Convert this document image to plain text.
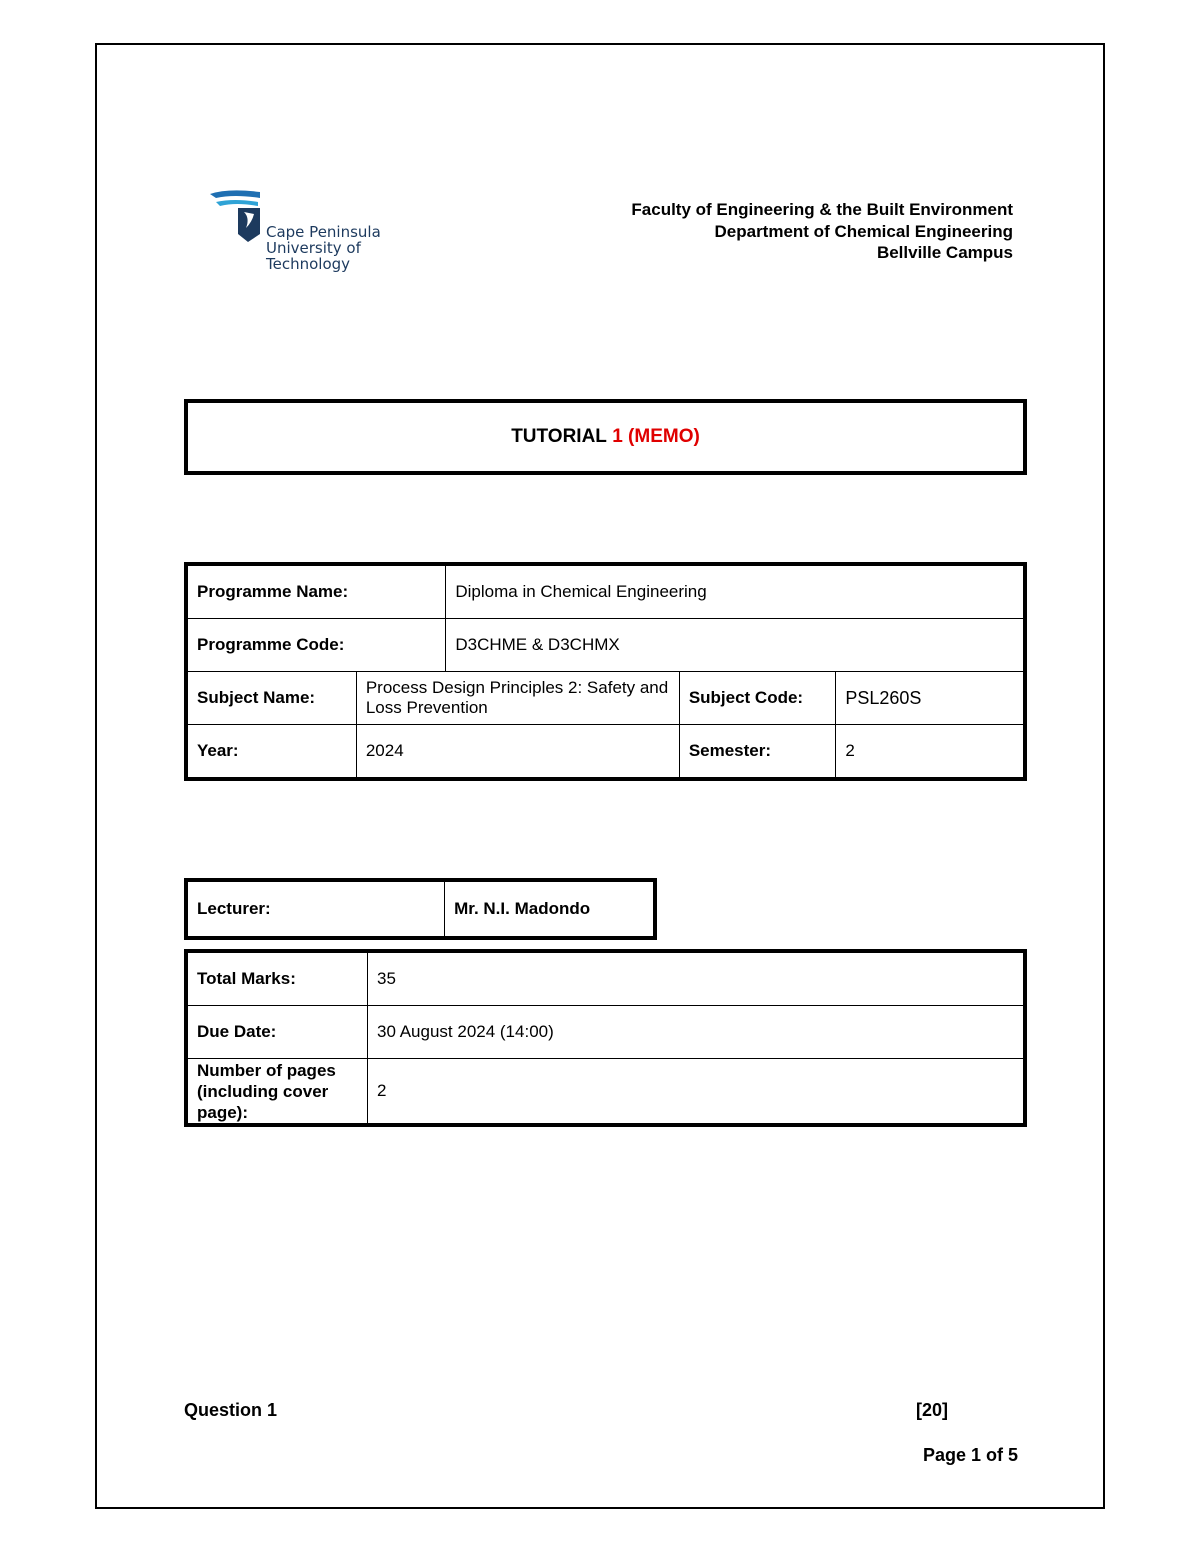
Cape Peninsula
University of Technology
Faculty of Engineering & the Built Environment
Department of Chemical Engineering
Bellville Campus
TUTORIAL
1 (MEMO)
Programme Name:		Diploma in Chemical Engineering		
Programme Code:		D3CHME & D3CHMX		
Subject Name:	Process Design Principles 2: Safety and Loss Prevention		Subject Code:	PSL260S
Year:	2024		Semester:	2
Lecturer:	Mr. N.I. Madondo
Total Marks:	35
Due Date:	30 August 2024 (14:00)
Number of pages (including cover page):	2
Question 1	[20]
Page 1 of 5
